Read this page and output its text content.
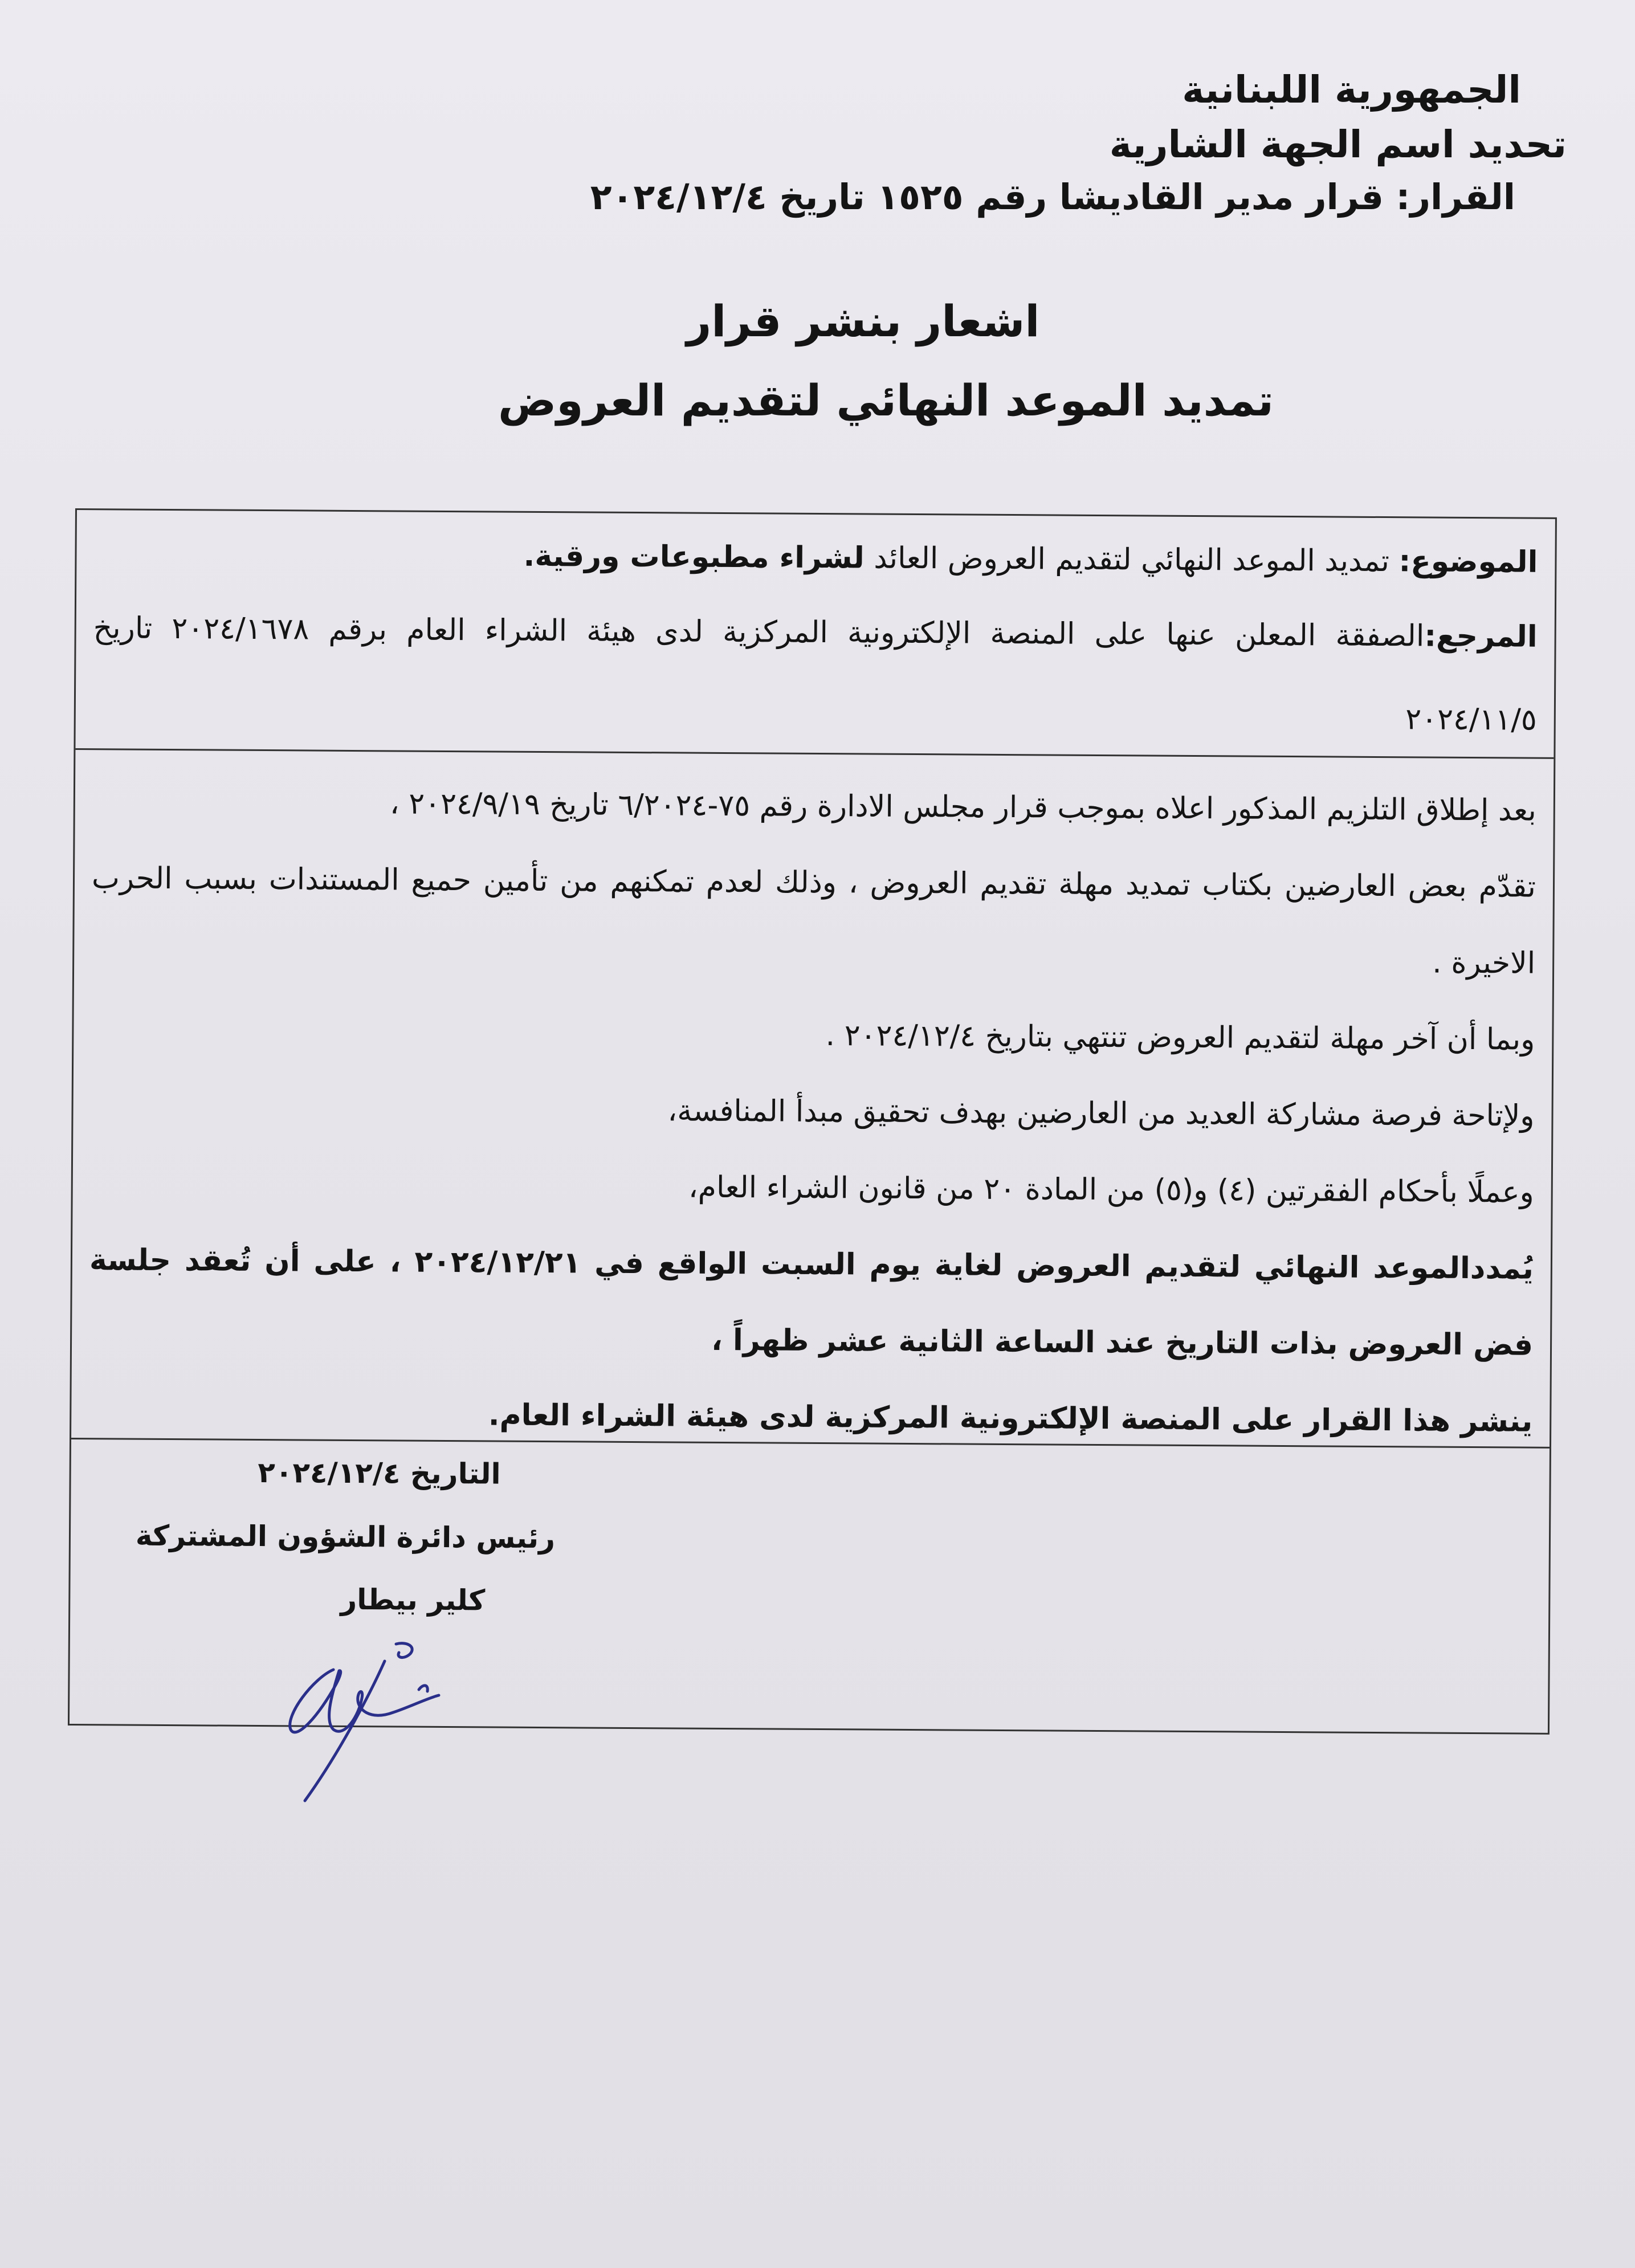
الجمهورية اللبنانية

تحديد اسم الجهة الشارية

القرار: قرار مدير القاديشا رقم ١٥٢٥ تاريخ ٢٠٢٤/١٢/٤

اشعار بنشر قرار

تمديد الموعد النهائي لتقديم العروض

الموضوع: تمديد الموعد النهائي لتقديم العروض العائد لشراء مطبوعات ورقية.

المرجع:الصفقة المعلن عنها على المنصة الإلكترونية المركزية لدى هيئة الشراء العام برقم ٢٠٢٤/١٦٧٨ تاريخ ٢٠٢٤/١١/٥

بعد إطلاق التلزيم المذكور اعلاه بموجب قرار مجلس الادارة رقم ٧٥-٦/٢٠٢٤ تاريخ ٢٠٢٤/٩/١٩ ،

تقدّم بعض العارضين بكتاب تمديد مهلة تقديم العروض ، وذلك لعدم تمكنهم من تأمين حميع المستندات بسبب الحرب الاخيرة .

وبما أن آخر مهلة لتقديم العروض تنتهي بتاريخ ٢٠٢٤/١٢/٤ .

ولإتاحة فرصة مشاركة العديد من العارضين بهدف تحقيق مبدأ المنافسة،

وعملًا بأحكام الفقرتين (٤) و(٥) من المادة ٢٠ من قانون الشراء العام،

يُمددالموعد النهائي لتقديم العروض لغاية يوم السبت الواقع في ٢٠٢٤/١٢/٢١ ، على أن تُعقد جلسة فض العروض بذات التاريخ عند الساعة الثانية عشر ظهراً ،

ينشر هذا القرار على المنصة الإلكترونية المركزية لدى هيئة الشراء العام.

التاريخ ٢٠٢٤/١٢/٤
رئيس دائرة الشؤون المشتركة
كلير بيطار
